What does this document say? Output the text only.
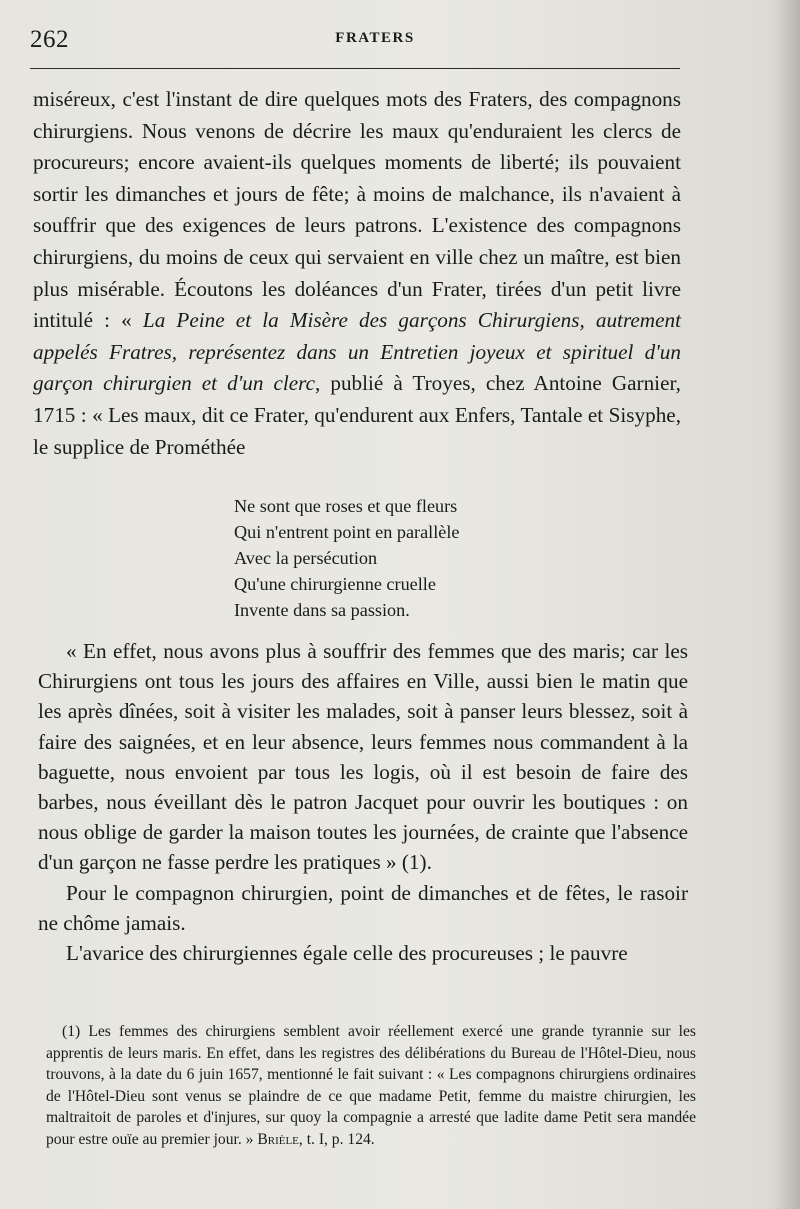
262	FRATERS

miséreux, c'est l'instant de dire quelques mots des Fraters, des compagnons chirurgiens. Nous venons de décrire les maux qu'enduraient les clercs de procureurs; encore avaient-ils quelques moments de liberté; ils pouvaient sortir les dimanches et jours de fête; à moins de malchance, ils n'avaient à souffrir que des exigences de leurs patrons. L'existence des compagnons chirurgiens, du moins de ceux qui servaient en ville chez un maître, est bien plus misérable. Écoutons les doléances d'un Frater, tirées d'un petit livre intitulé : « La Peine et la Misère des garçons Chirurgiens, autrement appelés Fratres, représentez dans un Entretien joyeux et spirituel d'un garçon chirurgien et d'un clerc, publié à Troyes, chez Antoine Garnier, 1715 : « Les maux, dit ce Frater, qu'endurent aux Enfers, Tantale et Sisyphe, le supplice de Prométhée

Ne sont que roses et que fleurs
Qui n'entrent point en parallèle
Avec la persécution
Qu'une chirurgienne cruelle
Invente dans sa passion.

« En effet, nous avons plus à souffrir des femmes que des maris; car les Chirurgiens ont tous les jours des affaires en Ville, aussi bien le matin que les après dînées, soit à visiter les malades, soit à panser leurs blessez, soit à faire des saignées, et en leur absence, leurs femmes nous commandent à la baguette, nous envoient par tous les logis, où il est besoin de faire des barbes, nous éveillant dès le patron Jacquet pour ouvrir les boutiques : on nous oblige de garder la maison toutes les journées, de crainte que l'absence d'un garçon ne fasse perdre les pratiques » (1).

Pour le compagnon chirurgien, point de dimanches et de fêtes, le rasoir ne chôme jamais.

L'avarice des chirurgiennes égale celle des procureuses ; le pauvre

(1) Les femmes des chirurgiens semblent avoir réellement exercé une grande tyrannie sur les apprentis de leurs maris. En effet, dans les registres des délibérations du Bureau de l'Hôtel-Dieu, nous trouvons, à la date du 6 juin 1657, mentionné le fait suivant : « Les compagnons chirurgiens ordinaires de l'Hôtel-Dieu sont venus se plaindre de ce que madame Petit, femme du maistre chirurgien, les maltraitoit de paroles et d'injures, sur quoy la compagnie a arresté que ladite dame Petit sera mandée pour estre ouïe au premier jour. » Brièle, t. I, p. 124.
